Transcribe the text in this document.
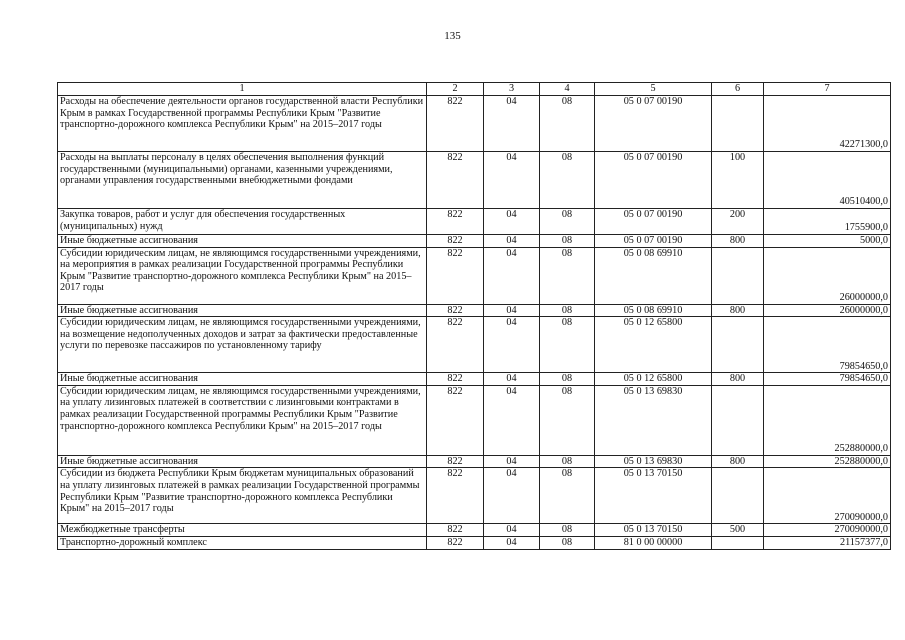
135
1	2	3	4	5	6	7
Расходы на обеспечение деятельности органов государственной власти Республики Крым в рамках Государственной программы Республики Крым "Развитие транспортно-дорожного комплекса Республики Крым" на 2015–2017 годы	822	04	08	05 0 07 00190		42271300,0
Расходы на выплаты персоналу в целях обеспечения выполнения функций государственными (муниципальными) органами, казенными учреждениями, органами управления государственными внебюджетными фондами	822	04	08	05 0 07 00190	100	40510400,0
Закупка товаров, работ и услуг для обеспечения государственных (муниципальных) нужд	822	04	08	05 0 07 00190	200	1755900,0
Иные бюджетные ассигнования	822	04	08	05 0 07 00190	800	5000,0
Субсидии юридическим лицам, не являющимся государственными учреждениями, на мероприятия в рамках реализации Государственной программы Республики Крым "Развитие транспортно-дорожного комплекса Республики Крым" на 2015–2017 годы	822	04	08	05 0 08 69910		26000000,0
Иные бюджетные ассигнования	822	04	08	05 0 08 69910	800	26000000,0
Субсидии юридическим лицам, не являющимся государственными учреждениями, на возмещение недополученных доходов и затрат за фактически предоставленные услуги по перевозке пассажиров по установленному тарифу	822	04	08	05 0 12 65800		79854650,0
Иные бюджетные ассигнования	822	04	08	05 0 12 65800	800	79854650,0
Субсидии юридическим лицам, не являющимся государственными учреждениями, на уплату лизинговых платежей в соответствии с лизинговыми контрактами в рамках реализации Государственной программы Республики Крым "Развитие транспортно-дорожного комплекса Республики Крым" на 2015–2017 годы	822	04	08	05 0 13 69830		252880000,0
Иные бюджетные ассигнования	822	04	08	05 0 13 69830	800	252880000,0
Субсидии из бюджета Республики Крым бюджетам муниципальных образований на уплату лизинговых платежей в рамках реализации Государственной программы Республики Крым "Развитие транспортно-дорожного комплекса Республики Крым" на 2015–2017 годы	822	04	08	05 0 13 70150		270090000,0
Межбюджетные трансферты	822	04	08	05 0 13 70150	500	270090000,0
Транспортно-дорожный комплекс	822	04	08	81 0 00 00000		21157377,0
